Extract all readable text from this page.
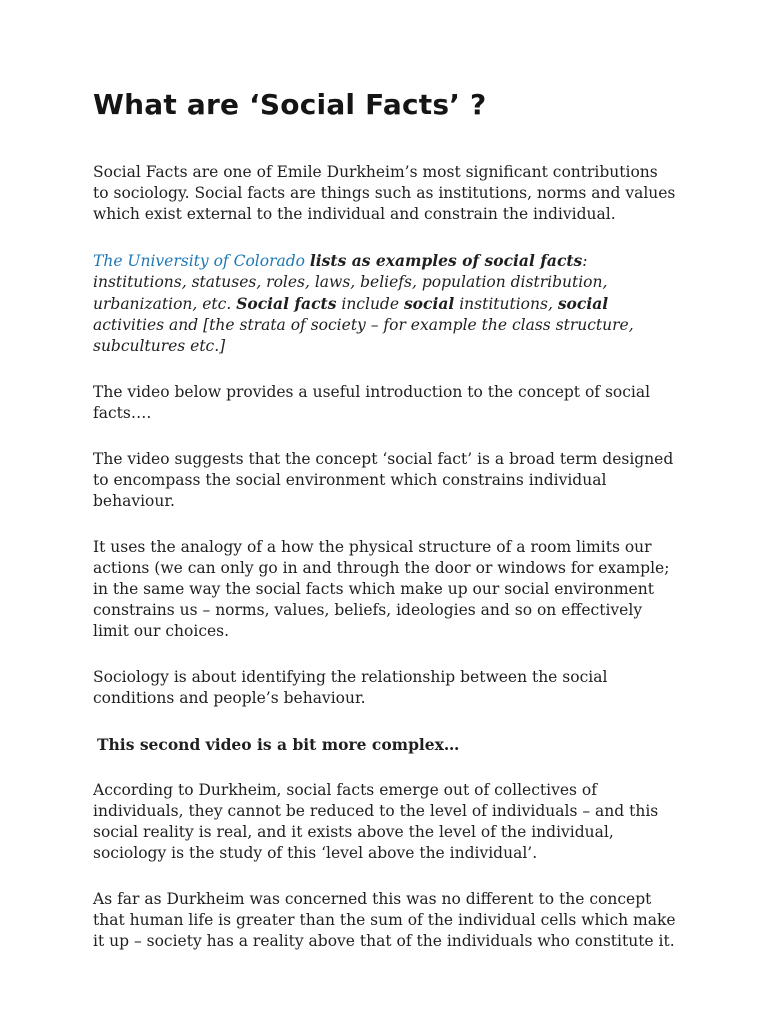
What are ‘Social Facts’ ?

Social Facts are one of Emile Durkheim’s most significant contributions to sociology. Social facts are things such as institutions, norms and values which exist external to the individual and constrain the individual.

The University of Colorado lists as examples of social facts: institutions, statuses, roles, laws, beliefs, population distribution, urbanization, etc. Social facts include social institutions, social activities and [the strata of society – for example the class structure, subcultures etc.]

The video below provides a useful introduction to the concept of social facts….

The video suggests that the concept ‘social fact’ is a broad term designed to encompass the social environment which constrains individual behaviour.

It uses the analogy of a how the physical structure of a room limits our actions (we can only go in and through the door or windows for example; in the same way the social facts which make up our social environment constrains us – norms, values, beliefs, ideologies and so on effectively limit our choices.

Sociology is about identifying the relationship between the social conditions and people’s behaviour.

This second video is a bit more complex…

According to Durkheim, social facts emerge out of collectives of individuals, they cannot be reduced to the level of individuals – and this social reality is real, and it exists above the level of the individual, sociology is the study of this ‘level above the individual’.

As far as Durkheim was concerned this was no different to the concept that human life is greater than the sum of the individual cells which make it up – society has a reality above that of the individuals who constitute it.
